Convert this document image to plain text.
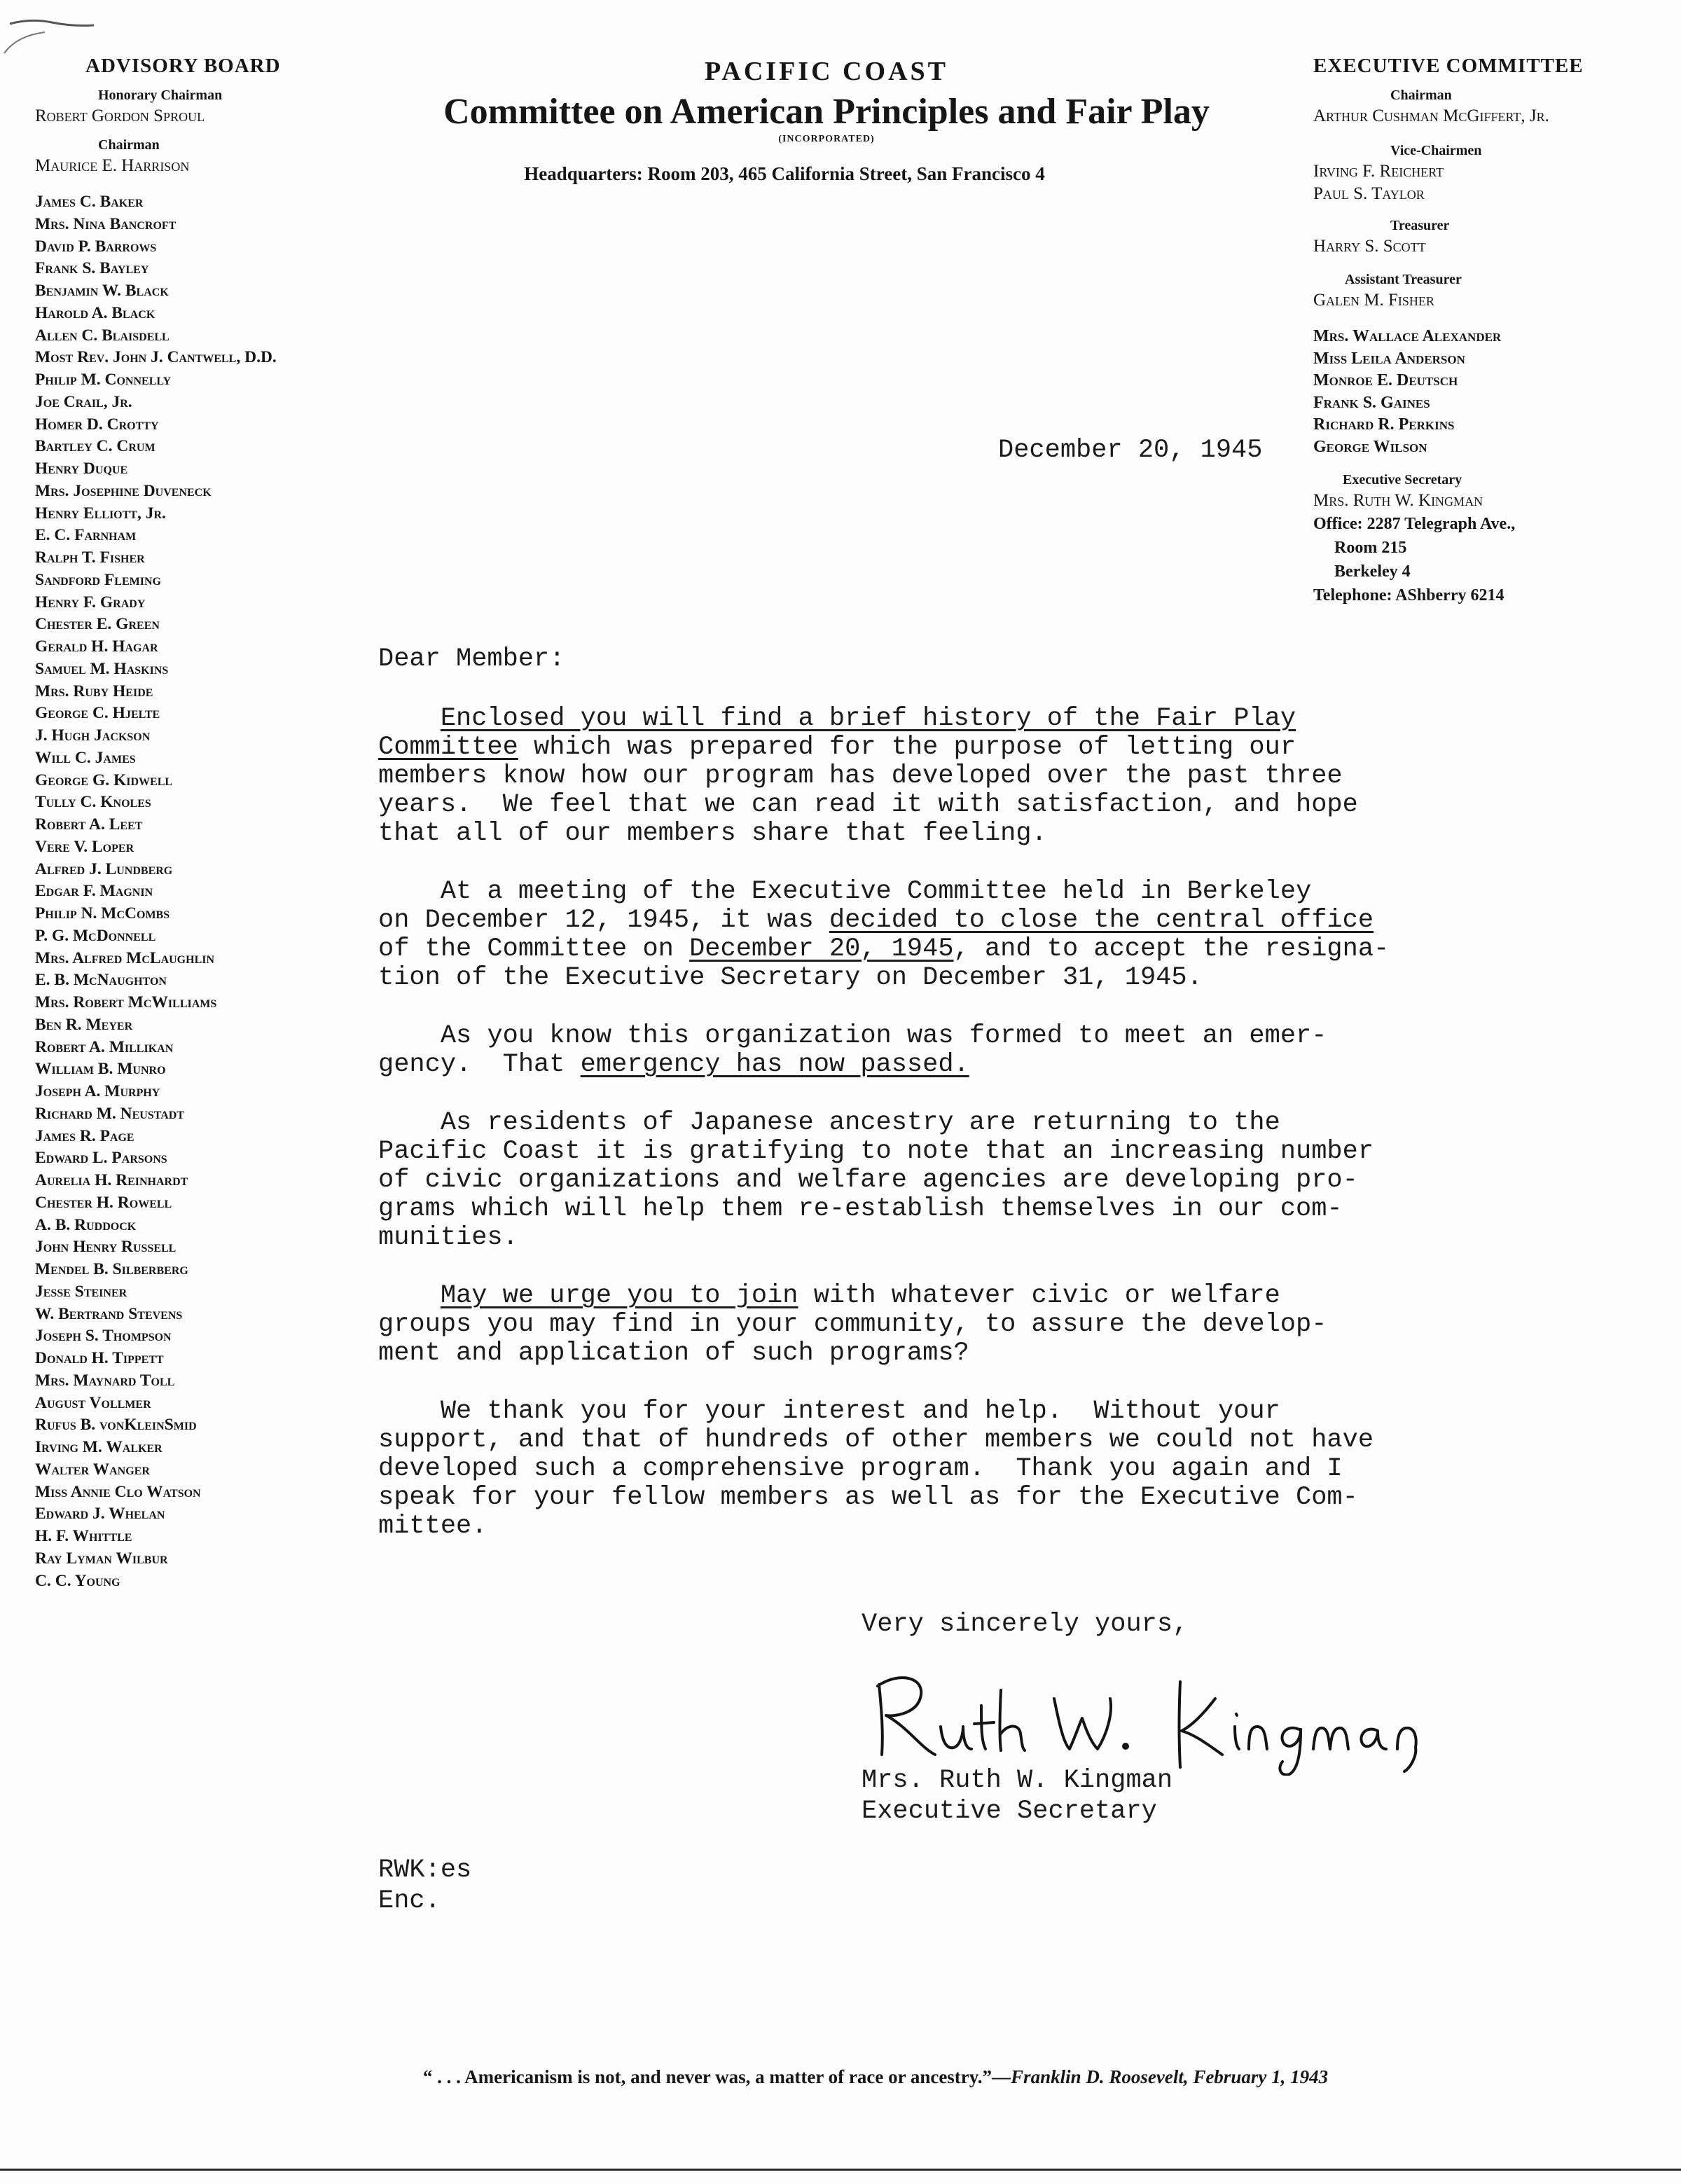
ADVISORY BOARD
Honorary Chairman
Robert Gordon Sproul
Chairman
Maurice E. Harrison
James C. Baker
Mrs. Nina Bancroft
David P. Barrows
Frank S. Bayley
Benjamin W. Black
Harold A. Black
Allen C. Blaisdell
Most Rev. John J. Cantwell, D.D.
Philip M. Connelly
Joe Crail, Jr.
Homer D. Crotty
Bartley C. Crum
Henry Duque
Mrs. Josephine Duveneck
Henry Elliott, Jr.
E. C. Farnham
Ralph T. Fisher
Sandford Fleming
Henry F. Grady
Chester E. Green
Gerald H. Hagar
Samuel M. Haskins
Mrs. Ruby Heide
George C. Hjelte
J. Hugh Jackson
Will C. James
George G. Kidwell
Tully C. Knoles
Robert A. Leet
Vere V. Loper
Alfred J. Lundberg
Edgar F. Magnin
Philip N. McCombs
P. G. McDonnell
Mrs. Alfred McLaughlin
E. B. McNaughton
Mrs. Robert McWilliams
Ben R. Meyer
Robert A. Millikan
William B. Munro
Joseph A. Murphy
Richard M. Neustadt
James R. Page
Edward L. Parsons
Aurelia H. Reinhardt
Chester H. Rowell
A. B. Ruddock
John Henry Russell
Mendel B. Silberberg
Jesse Steiner
W. Bertrand Stevens
Joseph S. Thompson
Donald H. Tippett
Mrs. Maynard Toll
August Vollmer
Rufus B. vonKleinSmid
Irving M. Walker
Walter Wanger
Miss Annie Clo Watson
Edward J. Whelan
H. F. Whittle
Ray Lyman Wilbur
C. C. Young
PACIFIC COAST
Committee on American Principles and Fair Play
(INCORPORATED)
Headquarters: Room 203, 465 California Street, San Francisco 4
EXECUTIVE COMMITTEE
Chairman
Arthur Cushman McGiffert, Jr.
Vice-Chairmen
Irving F. Reichert
Paul S. Taylor
Treasurer
Harry S. Scott
Assistant Treasurer
Galen M. Fisher
Mrs. Wallace Alexander
Miss Leila Anderson
Monroe E. Deutsch
Frank S. Gaines
Richard R. Perkins
George Wilson
Executive Secretary
Mrs. Ruth W. Kingman
Office: 2287 Telegraph Ave.,
Room 215
Berkeley 4
Telephone: AShberry 6214
December 20, 1945
Dear Member:
Enclosed you will find a brief history of the Fair Play
Committee which was prepared for the purpose of letting our
members know how our program has developed over the past three
years.  We feel that we can read it with satisfaction, and hope
that all of our members share that feeling.
At a meeting of the Executive Committee held in Berkeley
on December 12, 1945, it was decided to close the central office
of the Committee on December 20, 1945, and to accept the resigna-
tion of the Executive Secretary on December 31, 1945.
As you know this organization was formed to meet an emer-
gency.  That emergency has now passed.
As residents of Japanese ancestry are returning to the
Pacific Coast it is gratifying to note that an increasing number
of civic organizations and welfare agencies are developing pro-
grams which will help them re-establish themselves in our com-
munities.
May we urge you to join with whatever civic or welfare
groups you may find in your community, to assure the develop-
ment and application of such programs?
We thank you for your interest and help.  Without your
support, and that of hundreds of other members we could not have
developed such a comprehensive program.  Thank you again and I
speak for your fellow members as well as for the Executive Com-
mittee.
Very sincerely yours,
Mrs. Ruth W. Kingman
Executive Secretary
RWK:es
Enc.
“ . . . Americanism is not, and never was, a matter of race or ancestry.”—Franklin D. Roosevelt, February 1, 1943
